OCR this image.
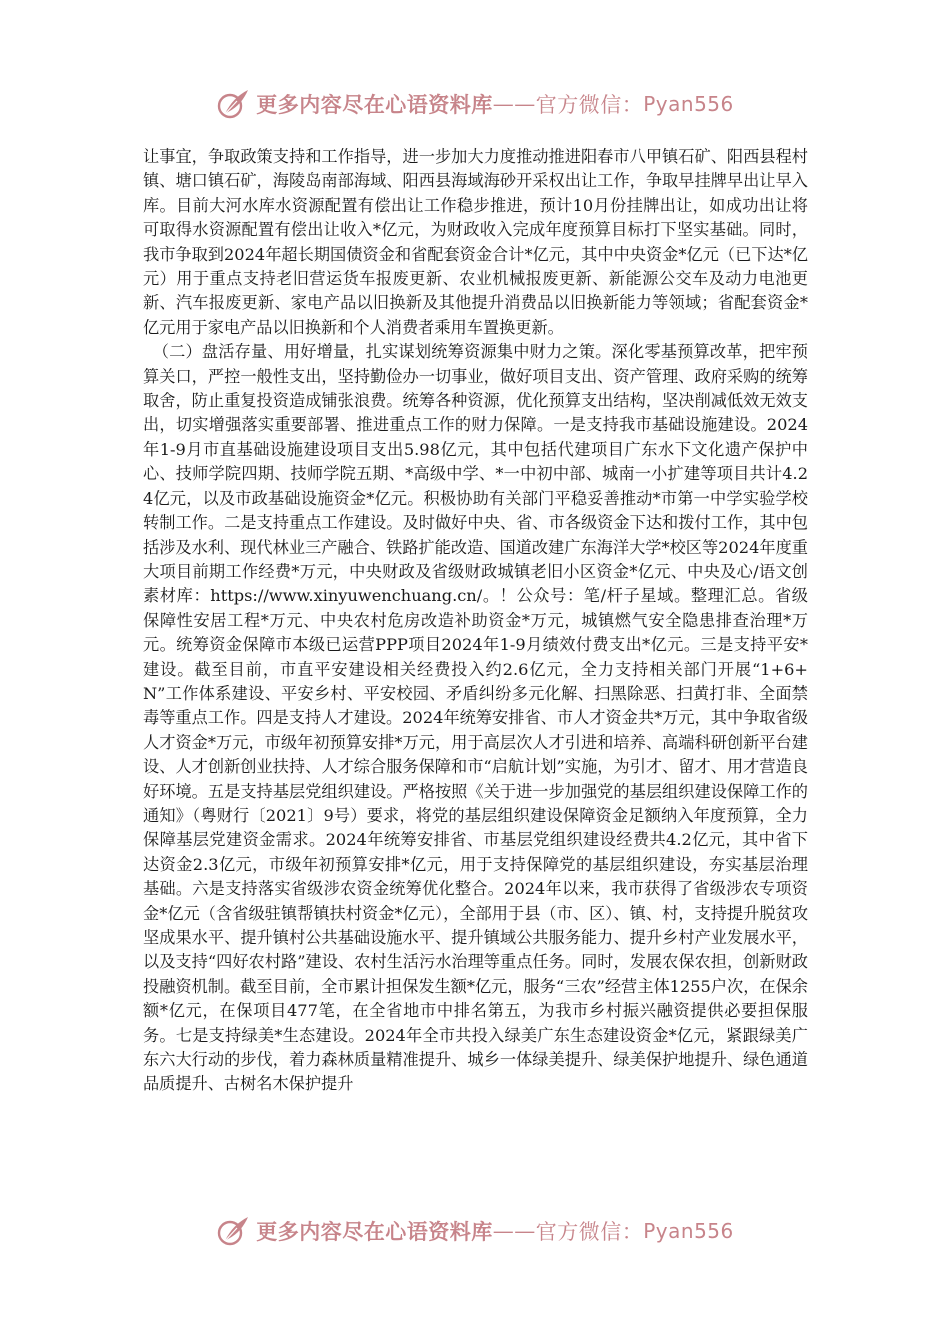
更多内容尽在心语资料库 —— 官方微信： Pyan556

让事宜，争取政策支持和工作指导，进一步加大力度推动推进阳春市八甲镇石矿、阳西县程村镇、塘口镇石矿，海陵岛南部海域、阳西县海域海砂开采权出让工作，争取早挂牌早出让早入库。目前大河水库水资源配置有偿出让工作稳步推进，预计10月份挂牌出让，如成功出让将可取得水资源配置有偿出让收入*亿元，为财政收入完成年度预算目标打下坚实基础。同时，我市争取到2024年超长期国债资金和省配套资金合计*亿元，其中中央资金*亿元（已下达*亿元）用于重点支持老旧营运货车报废更新、农业机械报废更新、新能源公交车及动力电池更新、汽车报废更新、家电产品以旧换新及其他提升消费品以旧换新能力等领域；省配套资金*亿元用于家电产品以旧换新和个人消费者乘用车置换更新。

（二）盘活存量、用好增量，扎实谋划统筹资源集中财力之策。深化零基预算改革，把牢预算关口，严控一般性支出，坚持勤俭办一切事业，做好项目支出、资产管理、政府采购的统筹取舍，防止重复投资造成铺张浪费。统筹各种资源，优化预算支出结构，坚决削减低效无效支出，切实增强落实重要部署、推进重点工作的财力保障。一是支持我市基础设施建设。2024年1-9月市直基础设施建设项目支出5.98亿元，其中包括代建项目广东水下文化遗产保护中心、技师学院四期、技师学院五期、*高级中学、*一中初中部、城南一小扩建等项目共计4.24亿元，以及市政基础设施资金*亿元。积极协助有关部门平稳妥善推动*市第一中学实验学校转制工作。二是支持重点工作建设。及时做好中央、省、市各级资金下达和拨付工作，其中包括涉及水利、现代林业三产融合、铁路扩能改造、国道改建广东海洋大学*校区等2024年度重大项目前期工作经费*万元，中央财政及省级财政城镇老旧小区资金*亿元、中央及心/语文创素材库：https://www.xinyuwenchuang.cn/。！公众号：笔/杆子星域。整理汇总。省级保障性安居工程*万元、中央农村危房改造补助资金*万元，城镇燃气安全隐患排查治理*万元。统筹资金保障市本级已运营PPP项目2024年1-9月绩效付费支出*亿元。三是支持平安*建设。截至目前，市直平安建设相关经费投入约2.6亿元，全力支持相关部门开展“1+6+N”工作体系建设、平安乡村、平安校园、矛盾纠纷多元化解、扫黑除恶、扫黄打非、全面禁毒等重点工作。四是支持人才建设。2024年统筹安排省、市人才资金共*万元，其中争取省级人才资金*万元，市级年初预算安排*万元，用于高层次人才引进和培养、高端科研创新平台建设、人才创新创业扶持、人才综合服务保障和市“启航计划”实施，为引才、留才、用才营造良好环境。五是支持基层党组织建设。严格按照《关于进一步加强党的基层组织建设保障工作的通知》（粤财行〔2021〕9号）要求，将党的基层组织建设保障资金足额纳入年度预算，全力保障基层党建资金需求。2024年统筹安排省、市基层党组织建设经费共4.2亿元，其中省下达资金2.3亿元，市级年初预算安排*亿元，用于支持保障党的基层组织建设，夯实基层治理基础。六是支持落实省级涉农资金统筹优化整合。2024年以来，我市获得了省级涉农专项资金*亿元（含省级驻镇帮镇扶村资金*亿元），全部用于县（市、区）、镇、村，支持提升脱贫攻坚成果水平、提升镇村公共基础设施水平、提升镇域公共服务能力、提升乡村产业发展水平，以及支持“四好农村路”建设、农村生活污水治理等重点任务。同时，发展农保农担，创新财政投融资机制。截至目前，全市累计担保发生额*亿元，服务“三农”经营主体1255户次，在保余额*亿元，在保项目477笔，在全省地市中排名第五，为我市乡村振兴融资提供必要担保服务。七是支持绿美*生态建设。2024年全市共投入绿美广东生态建设资金*亿元，紧跟绿美广东六大行动的步伐，着力森林质量精准提升、城乡一体绿美提升、绿美保护地提升、绿色通道品质提升、古树名木保护提升

更多内容尽在心语资料库 —— 官方微信： Pyan556
